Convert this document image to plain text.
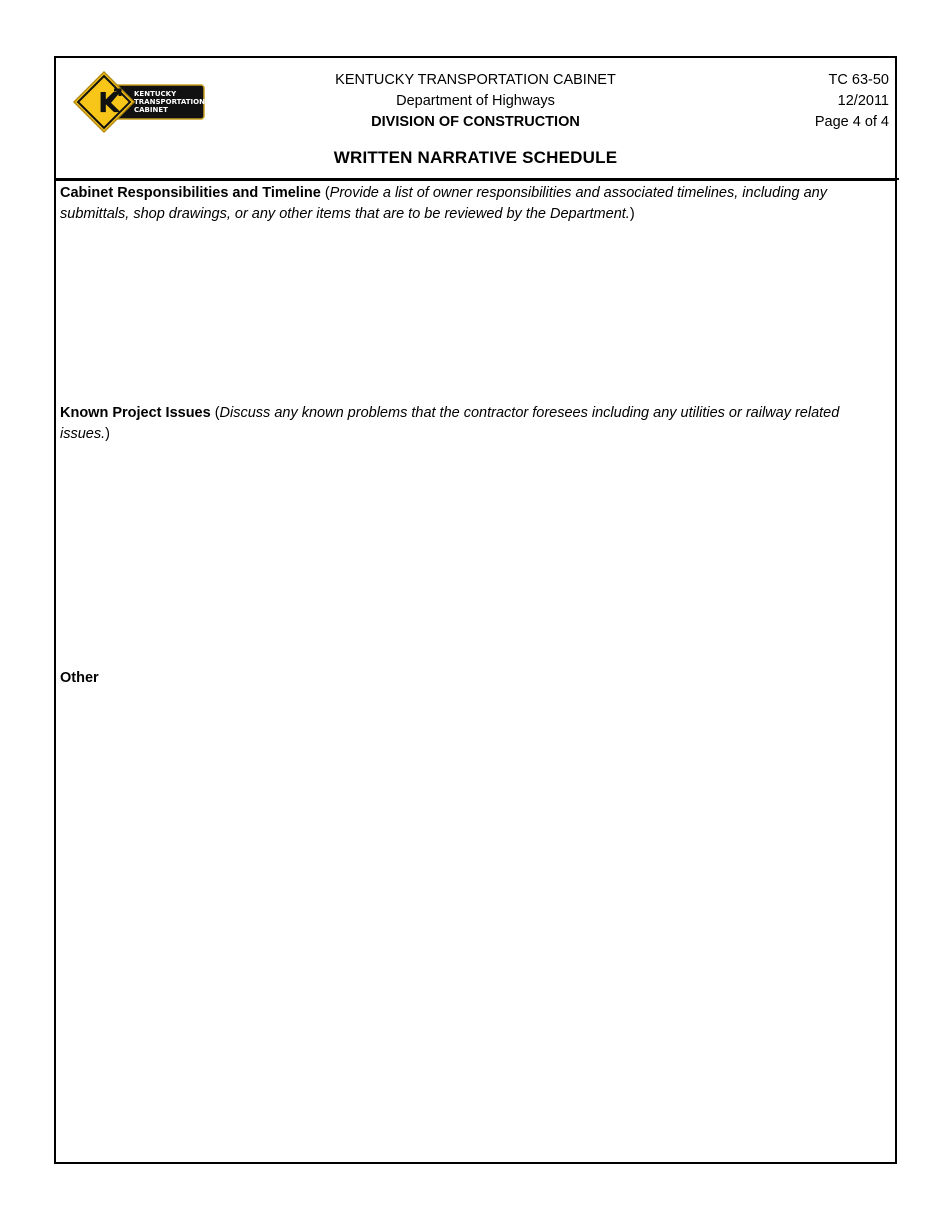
K KENTUCKY
TRANSPORTATION
CABINET
KENTUCKY TRANSPORTATION CABINET
Department of Highways
DIVISION OF CONSTRUCTION
TC 63-50
12/2011
Page 4 of 4
WRITTEN NARRATIVE SCHEDULE
Cabinet Responsibilities and Timeline (Provide a list of owner responsibilities and associated timelines, including any submittals, shop drawings, or any other items that are to be reviewed by the Department.)
Known Project Issues (Discuss any known problems that the contractor foresees including any utilities or railway related issues.)
Other
